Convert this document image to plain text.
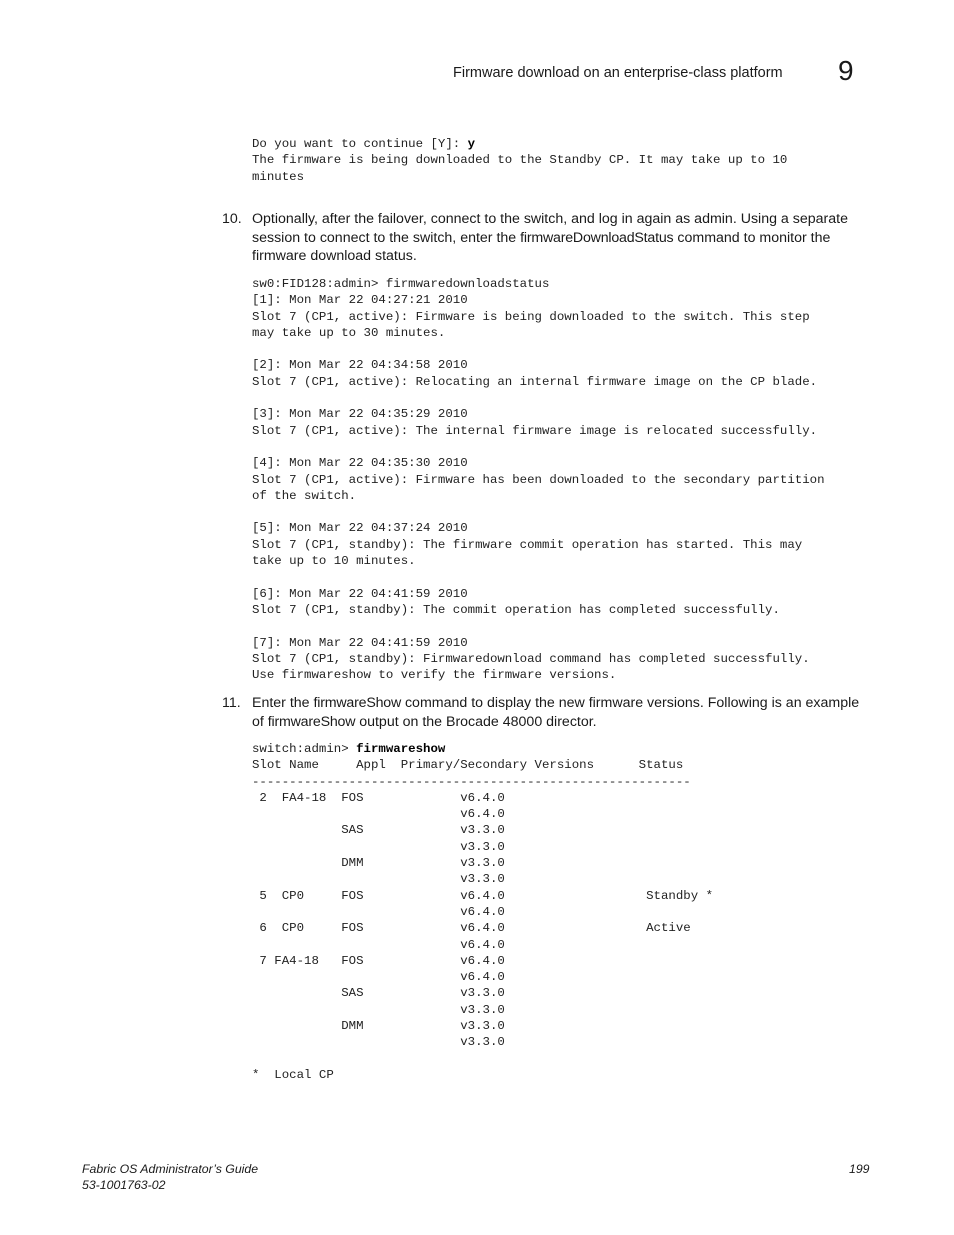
Firmware download on an enterprise-class platform 9
Do you want to continue [Y]: y
The firmware is being downloaded to the Standby CP. It may take up to 10
minutes
10. Optionally, after the failover, connect to the switch, and log in again as admin. Using a separate session to connect to the switch, enter the firmwareDownloadStatus command to monitor the firmware download status.
sw0:FID128:admin> firmwaredownloadstatus
[1]: Mon Mar 22 04:27:21 2010
Slot 7 (CP1, active): Firmware is being downloaded to the switch. This step
may take up to 30 minutes.

[2]: Mon Mar 22 04:34:58 2010
Slot 7 (CP1, active): Relocating an internal firmware image on the CP blade.

[3]: Mon Mar 22 04:35:29 2010
Slot 7 (CP1, active): The internal firmware image is relocated successfully.

[4]: Mon Mar 22 04:35:30 2010
Slot 7 (CP1, active): Firmware has been downloaded to the secondary partition
of the switch.

[5]: Mon Mar 22 04:37:24 2010
Slot 7 (CP1, standby): The firmware commit operation has started. This may
take up to 10 minutes.

[6]: Mon Mar 22 04:41:59 2010
Slot 7 (CP1, standby): The commit operation has completed successfully.

[7]: Mon Mar 22 04:41:59 2010
Slot 7 (CP1, standby): Firmwaredownload command has completed successfully.
Use firmwareshow to verify the firmware versions.
11. Enter the firmwareShow command to display the new firmware versions. Following is an example of firmwareShow output on the Brocade 48000 director.
switch:admin> firmwareshow
Slot Name     Appl  Primary/Secondary Versions      Status
-----------------------------------------------------------
2  FA4-18  FOS             v6.4.0
v6.4.0
SAS             v3.3.0
v3.3.0
DMM             v3.3.0
v3.3.0
5  CP0     FOS             v6.4.0                   Standby *
v6.4.0
6  CP0     FOS             v6.4.0                   Active
v6.4.0
7 FA4-18   FOS             v6.4.0
v6.4.0
SAS             v3.3.0
v3.3.0
DMM             v3.3.0
v3.3.0

*  Local CP
Fabric OS Administrator’s Guide
53-1001763-02
199
